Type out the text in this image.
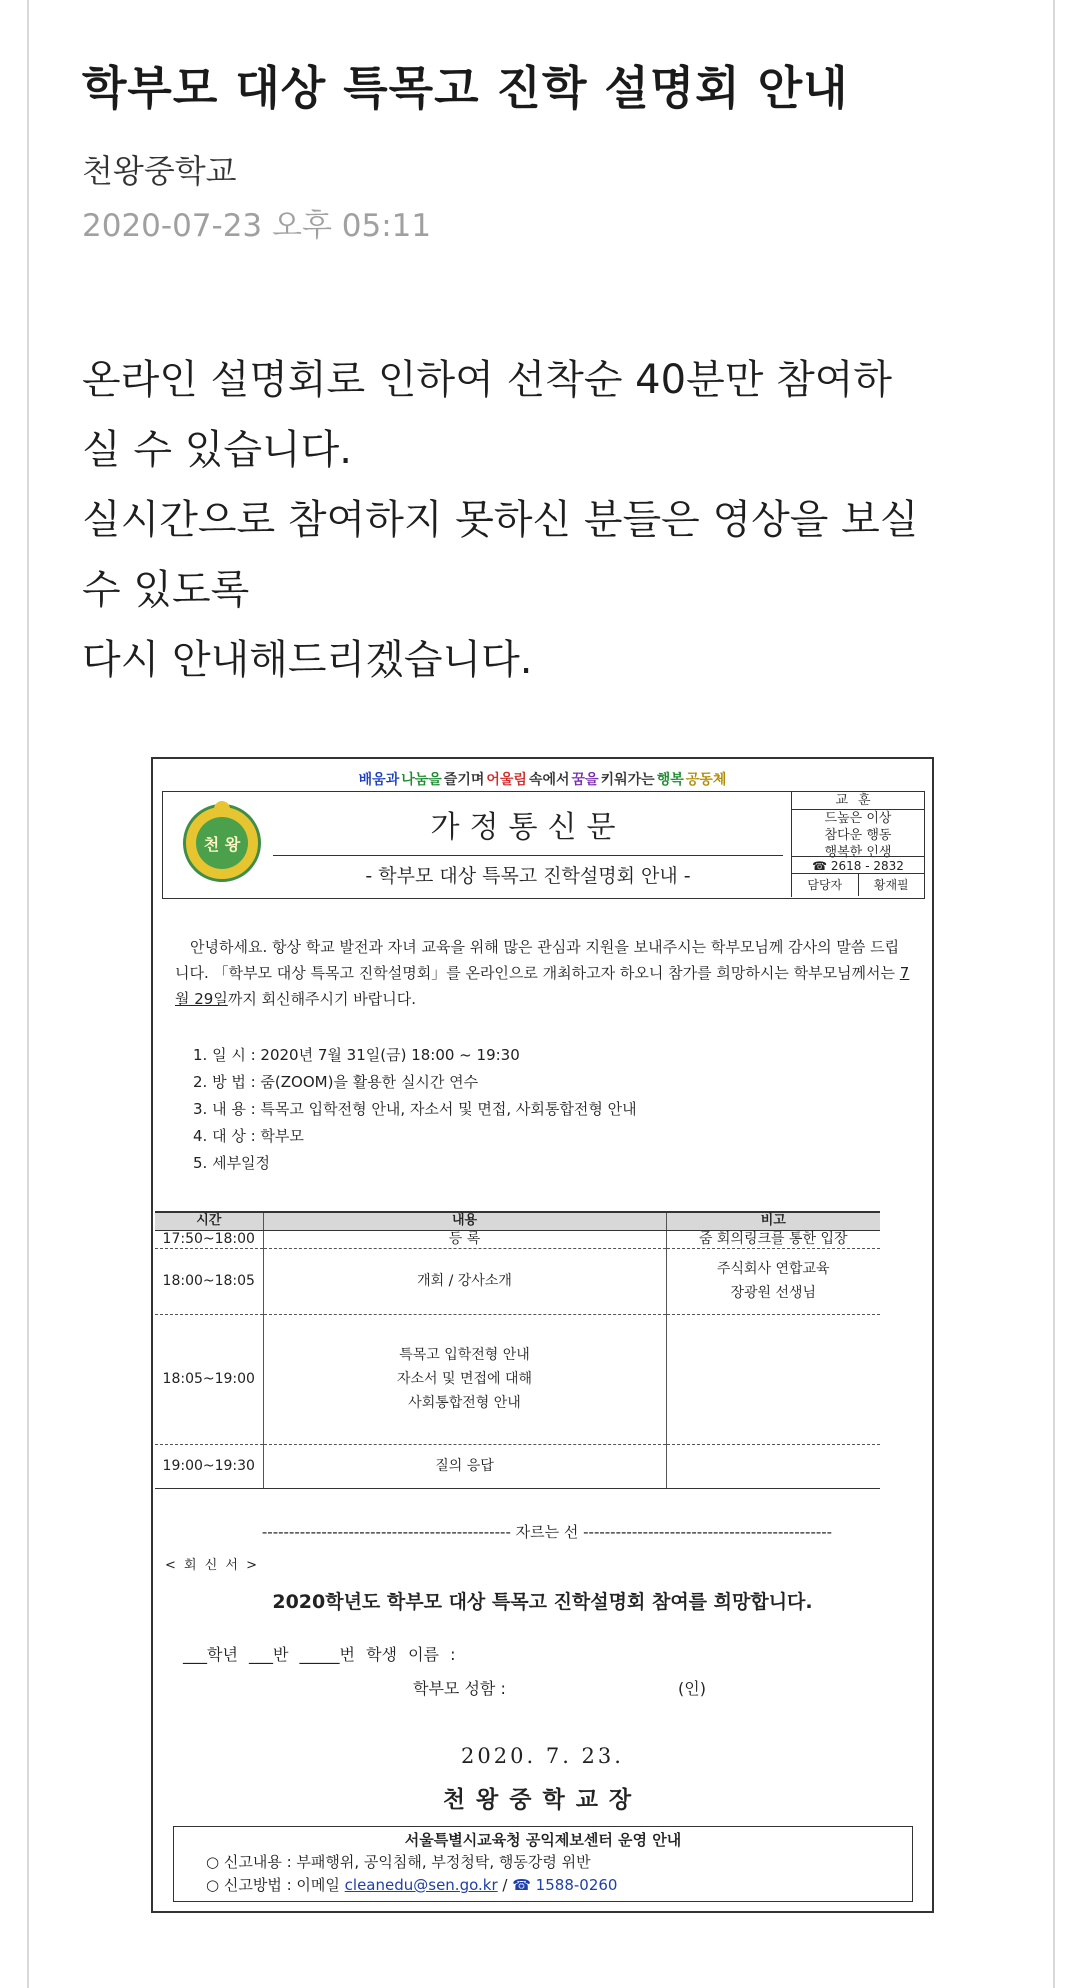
학부모 대상 특목고 진학 설명회 안내
천왕중학교
2020-07-23 오후 05:11

온라인 설명회로 인하여 선착순 40분만 참여하

실 수 있습니다.

실시간으로 참여하지 못하신 분들은 영상을 보실

수 있도록

다시 안내해드리겠습니다.

배움과 나눔을 즐기며 어울림 속에서 꿈을 키워가는 행복 공동체
천 왕	가정통신문
- 학부모 대상 특목고 진학설명회 안내 -
교훈
드높은 이상
참다운 행동
행복한 인생
☎ 2618 - 2832
담당자	황재필
안녕하세요. 항상 학교 발전과 자녀 교육을 위해 많은 관심과 지원을 보내주시는 학부모님께 감사의 말씀 드립니다. 「학부모 대상 특목고 진학설명회」를 온라인으로 개최하고자 하오니 참가를 희망하시는 학부모님께서는 7월 29일까지 회신해주시기 바랍니다.
1. 일 시 : 2020년 7월 31일(금) 18:00 ~ 19:30
2. 방 법 : 줌(ZOOM)을 활용한 실시간 연수
3. 내 용 : 특목고 입학전형 안내, 자소서 및 면접, 사회통합전형 안내
4. 대 상 : 학부모
5. 세부일정
시간	내용	비고
17:50~18:00	등 록	줌 회의링크를 통한 입장
18:00~18:05	개회 / 강사소개	주식회사 연합교육
장광원 선생님
18:05~19:00	특목고 입학전형 안내
자소서 및 면접에 대해
사회통합전형 안내	
19:00~19:30	질의 응답	
---------------------------------------------- 자르는 선 ----------------------------------------------
< 회 신 서 >
2020학년도 학부모 대상 특목고 진학설명회 참여를 희망합니다.
___학년 ___반 _____번 학생 이름 :
학부모 성함 :	(인)
2020. 7. 23.
천왕중학교장
서울특별시교육청 공익제보센터 운영 안내
○ 신고내용 : 부패행위, 공익침해, 부정청탁, 행동강령 위반
○ 신고방법 : 이메일 cleanedu@sen.go.kr / ☎ 1588-0260
